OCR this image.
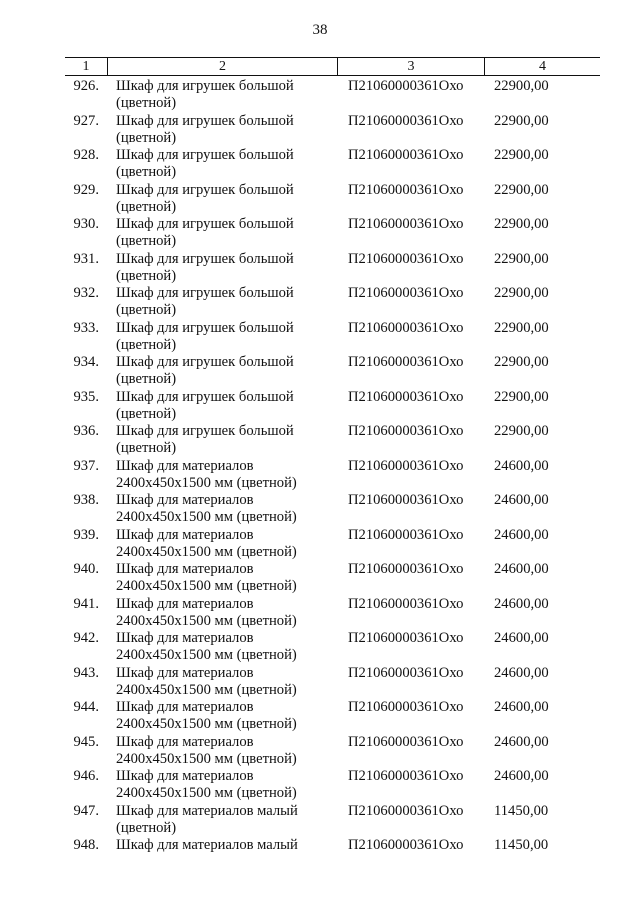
38
1	2	3	4
926. Шкаф для игрушек большой
(цветной)
П21060000361Охо 22900,00
927. Шкаф для игрушек большой
(цветной)
П21060000361Охо 22900,00
928. Шкаф для игрушек большой
(цветной)
П21060000361Охо 22900,00
929. Шкаф для игрушек большой
(цветной)
П21060000361Охо 22900,00
930. Шкаф для игрушек большой
(цветной)
П21060000361Охо 22900,00
931. Шкаф для игрушек большой
(цветной)
П21060000361Охо 22900,00
932. Шкаф для игрушек большой
(цветной)
П21060000361Охо 22900,00
933. Шкаф для игрушек большой
(цветной)
П21060000361Охо 22900,00
934. Шкаф для игрушек большой
(цветной)
П21060000361Охо 22900,00
935. Шкаф для игрушек большой
(цветной)
П21060000361Охо 22900,00
936. Шкаф для игрушек большой
(цветной)
П21060000361Охо 22900,00
937. Шкаф для материалов
2400х450х1500 мм (цветной)
П21060000361Охо 24600,00
938. Шкаф для материалов
2400х450х1500 мм (цветной)
П21060000361Охо 24600,00
939. Шкаф для материалов
2400х450х1500 мм (цветной)
П21060000361Охо 24600,00
940. Шкаф для материалов
2400х450х1500 мм (цветной)
П21060000361Охо 24600,00
941. Шкаф для материалов
2400х450х1500 мм (цветной)
П21060000361Охо 24600,00
942. Шкаф для материалов
2400х450х1500 мм (цветной)
П21060000361Охо 24600,00
943. Шкаф для материалов
2400х450х1500 мм (цветной)
П21060000361Охо 24600,00
944. Шкаф для материалов
2400х450х1500 мм (цветной)
П21060000361Охо 24600,00
945. Шкаф для материалов
2400х450х1500 мм (цветной)
П21060000361Охо 24600,00
946. Шкаф для материалов
2400х450х1500 мм (цветной)
П21060000361Охо 24600,00
947. Шкаф для материалов малый
(цветной)
П21060000361Охо 11450,00
948. Шкаф для материалов малый	П21060000361Охо 11450,00
